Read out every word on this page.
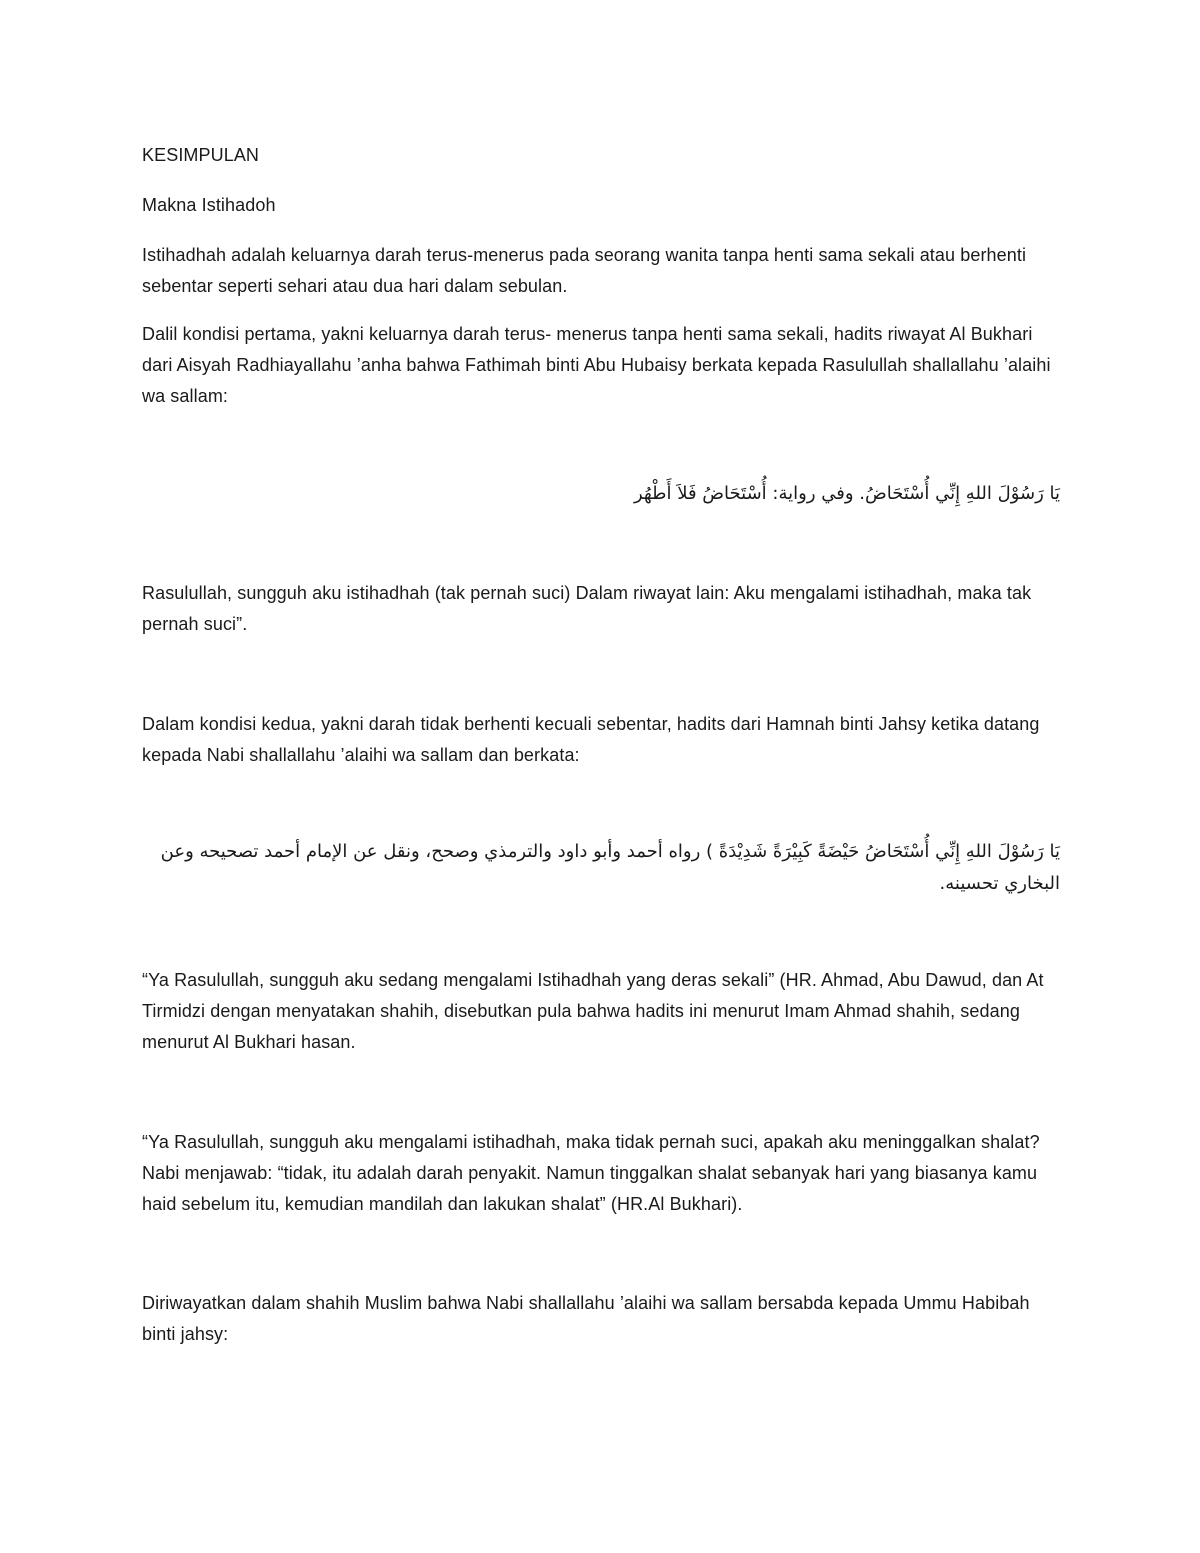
KESIMPULAN

Makna Istihadoh

Istihadhah adalah keluarnya darah terus-menerus pada seorang wanita tanpa henti sama sekali atau berhenti sebentar seperti sehari atau dua hari dalam sebulan.

Dalil kondisi pertama, yakni keluarnya darah terus- menerus tanpa henti sama sekali, hadits riwayat Al Bukhari dari Aisyah Radhiayallahu ’anha bahwa Fathimah binti Abu Hubaisy berkata kepada Rasulullah shallallahu ’alaihi wa sallam:

يَا رَسُوْلَ اللهِ إِنِّي أُسْتَحَاضُ. وفي رواية: أُسْتَحَاضُ فَلاَ أَطْهُر

Rasulullah, sungguh aku istihadhah (tak pernah suci) Dalam riwayat lain: Aku mengalami istihadhah, maka tak pernah suci”.

Dalam kondisi kedua, yakni darah tidak berhenti kecuali sebentar, hadits dari Hamnah binti Jahsy ketika datang kepada Nabi shallallahu ’alaihi wa sallam dan berkata:

يَا رَسُوْلَ اللهِ إِنِّي أُسْتَحَاضُ حَيْضَةً كَبِيْرَةً شَدِيْدَةً ) رواه أحمد وأبو داود والترمذي وصحح، ونقل عن الإمام أحمد تصحيحه وعن البخاري تحسينه.

“Ya Rasulullah, sungguh aku sedang mengalami Istihadhah yang deras sekali” (HR. Ahmad, Abu Dawud, dan At Tirmidzi dengan menyatakan shahih, disebutkan pula bahwa hadits ini menurut Imam Ahmad shahih, sedang menurut Al Bukhari hasan.

“Ya Rasulullah, sungguh aku mengalami istihadhah, maka tidak pernah suci, apakah aku meninggalkan shalat? Nabi menjawab: “tidak, itu adalah darah penyakit. Namun tinggalkan shalat sebanyak hari yang biasanya kamu haid sebelum itu, kemudian mandilah dan lakukan shalat” (HR.Al Bukhari).

Diriwayatkan dalam shahih Muslim bahwa Nabi shallallahu ’alaihi wa sallam bersabda kepada Ummu Habibah binti jahsy:
